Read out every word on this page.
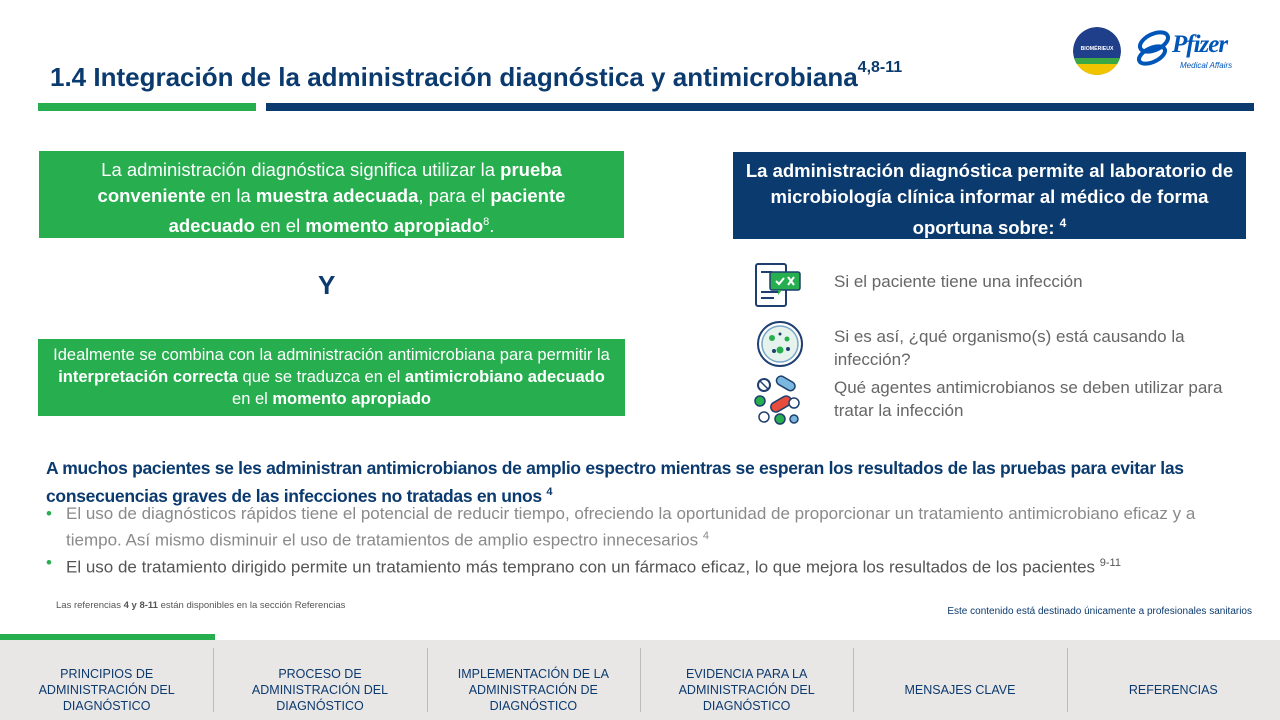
1.4 Integración de la administración diagnóstica y antimicrobiana$^{4,8-11}$
BIOMÉRIEUX Pfizer
Medical Affairs
La administración diagnóstica significa utilizar la prueba conveniente en la muestra adecuada, para el paciente adecuado en el momento apropiado$^8$.
Y
Idealmente se combina con la administración antimicrobiana para permitir la interpretación correcta que se traduzca en el antimicrobiano adecuado en el momento apropiado
La administración diagnóstica permite al laboratorio de microbiología clínica informar al médico de forma oportuna sobre: $^4$
Si el paciente tiene una infección
Si es así, ¿qué organismo(s) está causando la infección?
Qué agentes antimicrobianos se deben utilizar para tratar la infección
A muchos pacientes se les administran antimicrobianos de amplio espectro mientras se esperan los resultados de las pruebas para evitar las consecuencias graves de las infecciones no tratadas en unos $^4$
• El uso de diagnósticos rápidos tiene el potencial de reducir tiempo, ofreciendo la oportunidad de proporcionar un tratamiento antimicrobiano eficaz y a tiempo. Así mismo disminuir el uso de tratamientos de amplio espectro innecesarios $^4$
• El uso de tratamiento dirigido permite un tratamiento más temprano con un fármaco eficaz, lo que mejora los resultados de los pacientes $^{9-11}$
Las referencias 4 y 8-11 están disponibles en la sección Referencias
Este contenido está destinado únicamente a profesionales sanitarios
PRINCIPIOS DE ADMINISTRACIÓN DEL DIAGNÓSTICO
PROCESO DE ADMINISTRACIÓN DEL DIAGNÓSTICO
IMPLEMENTACIÓN DE LA ADMINISTRACIÓN DE DIAGNÓSTICO
EVIDENCIA PARA LA ADMINISTRACIÓN DEL DIAGNÓSTICO
MENSAJES CLAVE	REFERENCIAS
